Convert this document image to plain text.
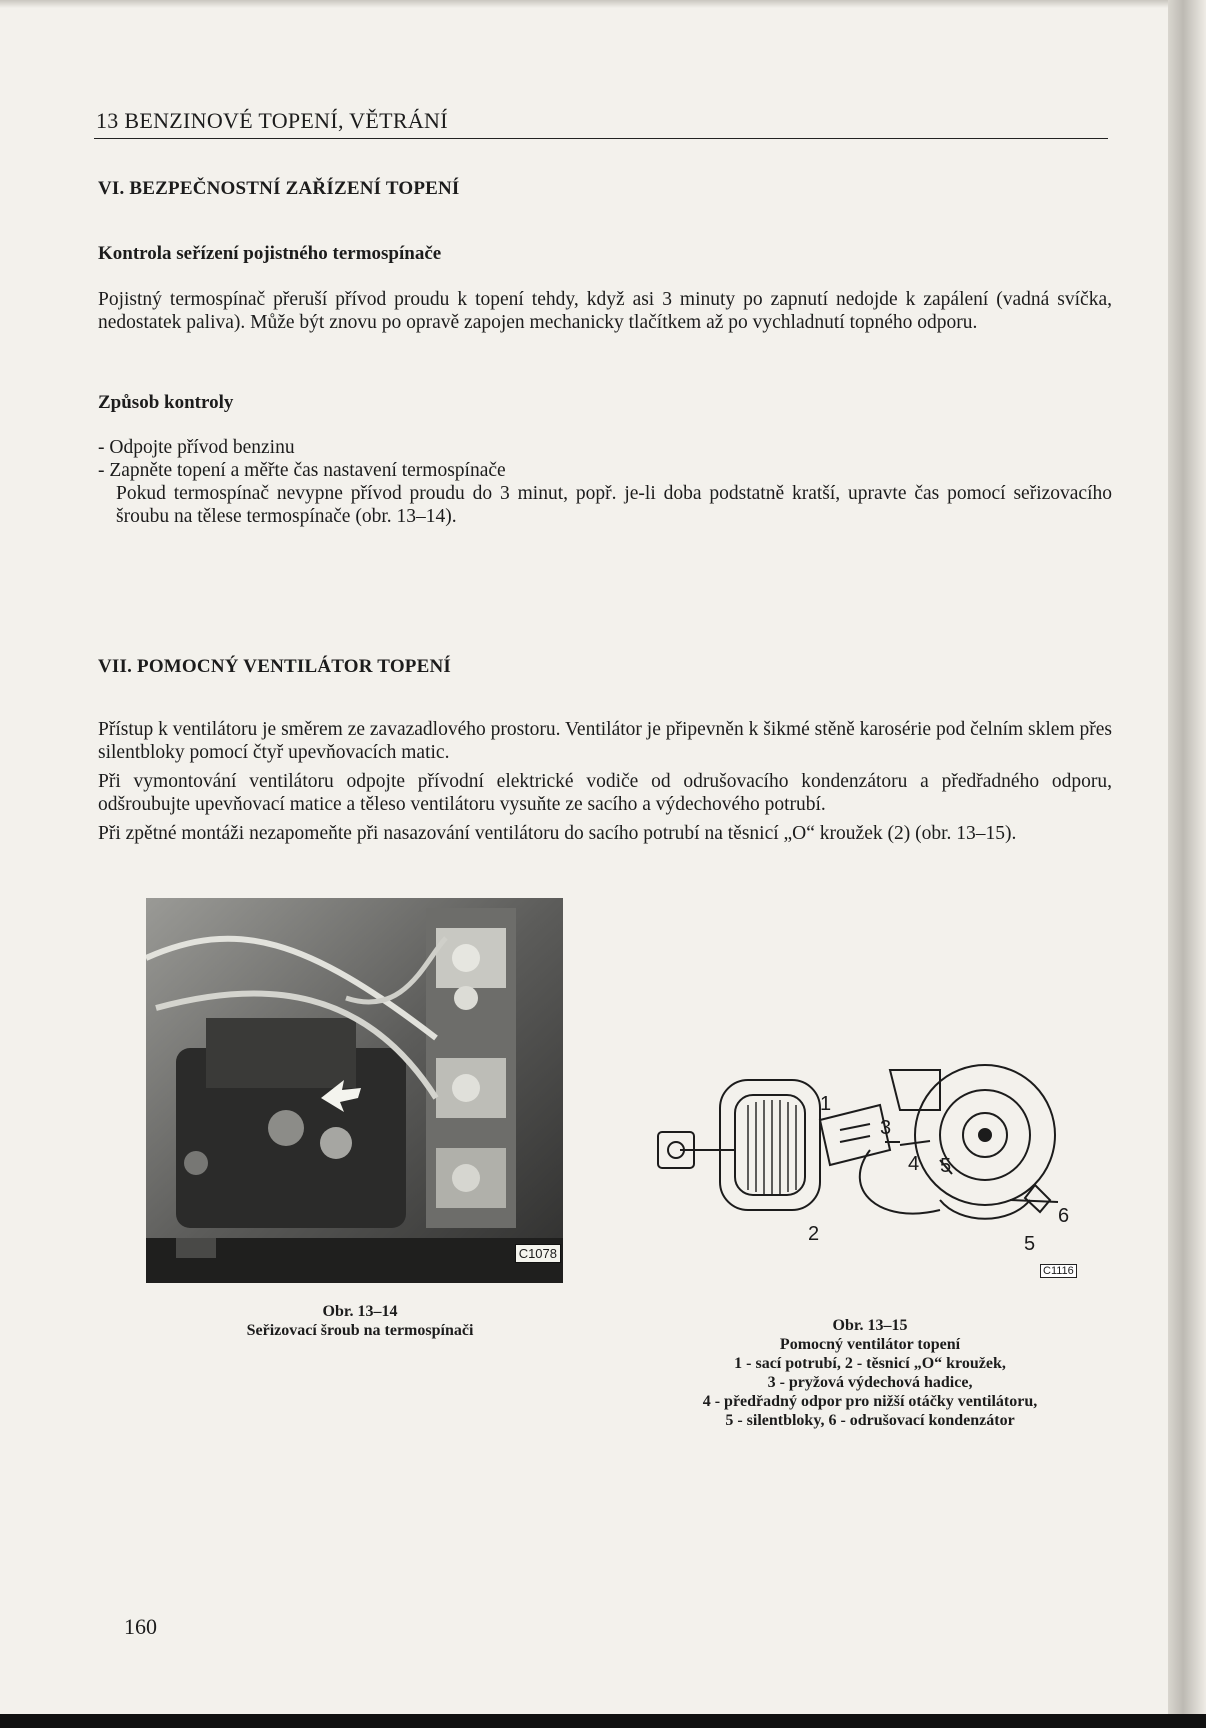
13 BENZINOVÉ TOPENÍ, VĚTRÁNÍ
VI. BEZPEČNOSTNÍ ZAŘÍZENÍ TOPENÍ
Kontrola seřízení pojistného termospínače
Pojistný termospínač přeruší přívod proudu k topení tehdy, když asi 3 minuty po zapnutí nedojde k zapálení (vadná svíčka, nedostatek paliva). Může být znovu po opravě zapojen mechanicky tlačítkem až po vychladnutí topného odporu.
Způsob kontroly
- Odpojte přívod benzinu
- Zapněte topení a měřte čas nastavení termospínače
Pokud termospínač nevypne přívod proudu do 3 minut, popř. je-li doba podstatně kratší, upravte čas pomocí seřizovacího šroubu na tělese termospínače (obr. 13–14).
VII. POMOCNÝ VENTILÁTOR TOPENÍ

Přístup k ventilátoru je směrem ze zavazadlového prostoru. Ventilátor je připevněn k šikmé stěně karosérie pod čelním sklem přes silentbloky pomocí čtyř upevňovacích matic.

Při vymontování ventilátoru odpojte přívodní elektrické vodiče od odrušovacího kondenzátoru a předřadného odporu, odšroubujte upevňovací matice a těleso ventilátoru vysuňte ze sacího a výdechového potrubí.

Při zpětné montáži nezapomeňte při nasazování ventilátoru do sacího potrubí na těsnicí „O“ kroužek (2) (obr. 13–15).

C1078
Obr. 13–14
Seřizovací šroub na termospínači
1
2
3
4 5
5
6
C1116
Obr. 13–15
Pomocný ventilátor topení
1 - sací potrubí, 2 - těsnicí „O“ kroužek,
3 - pryžová výdechová hadice,
4 - předřadný odpor pro nižší otáčky ventilátoru,
5 - silentbloky, 6 - odrušovací kondenzátor
160
